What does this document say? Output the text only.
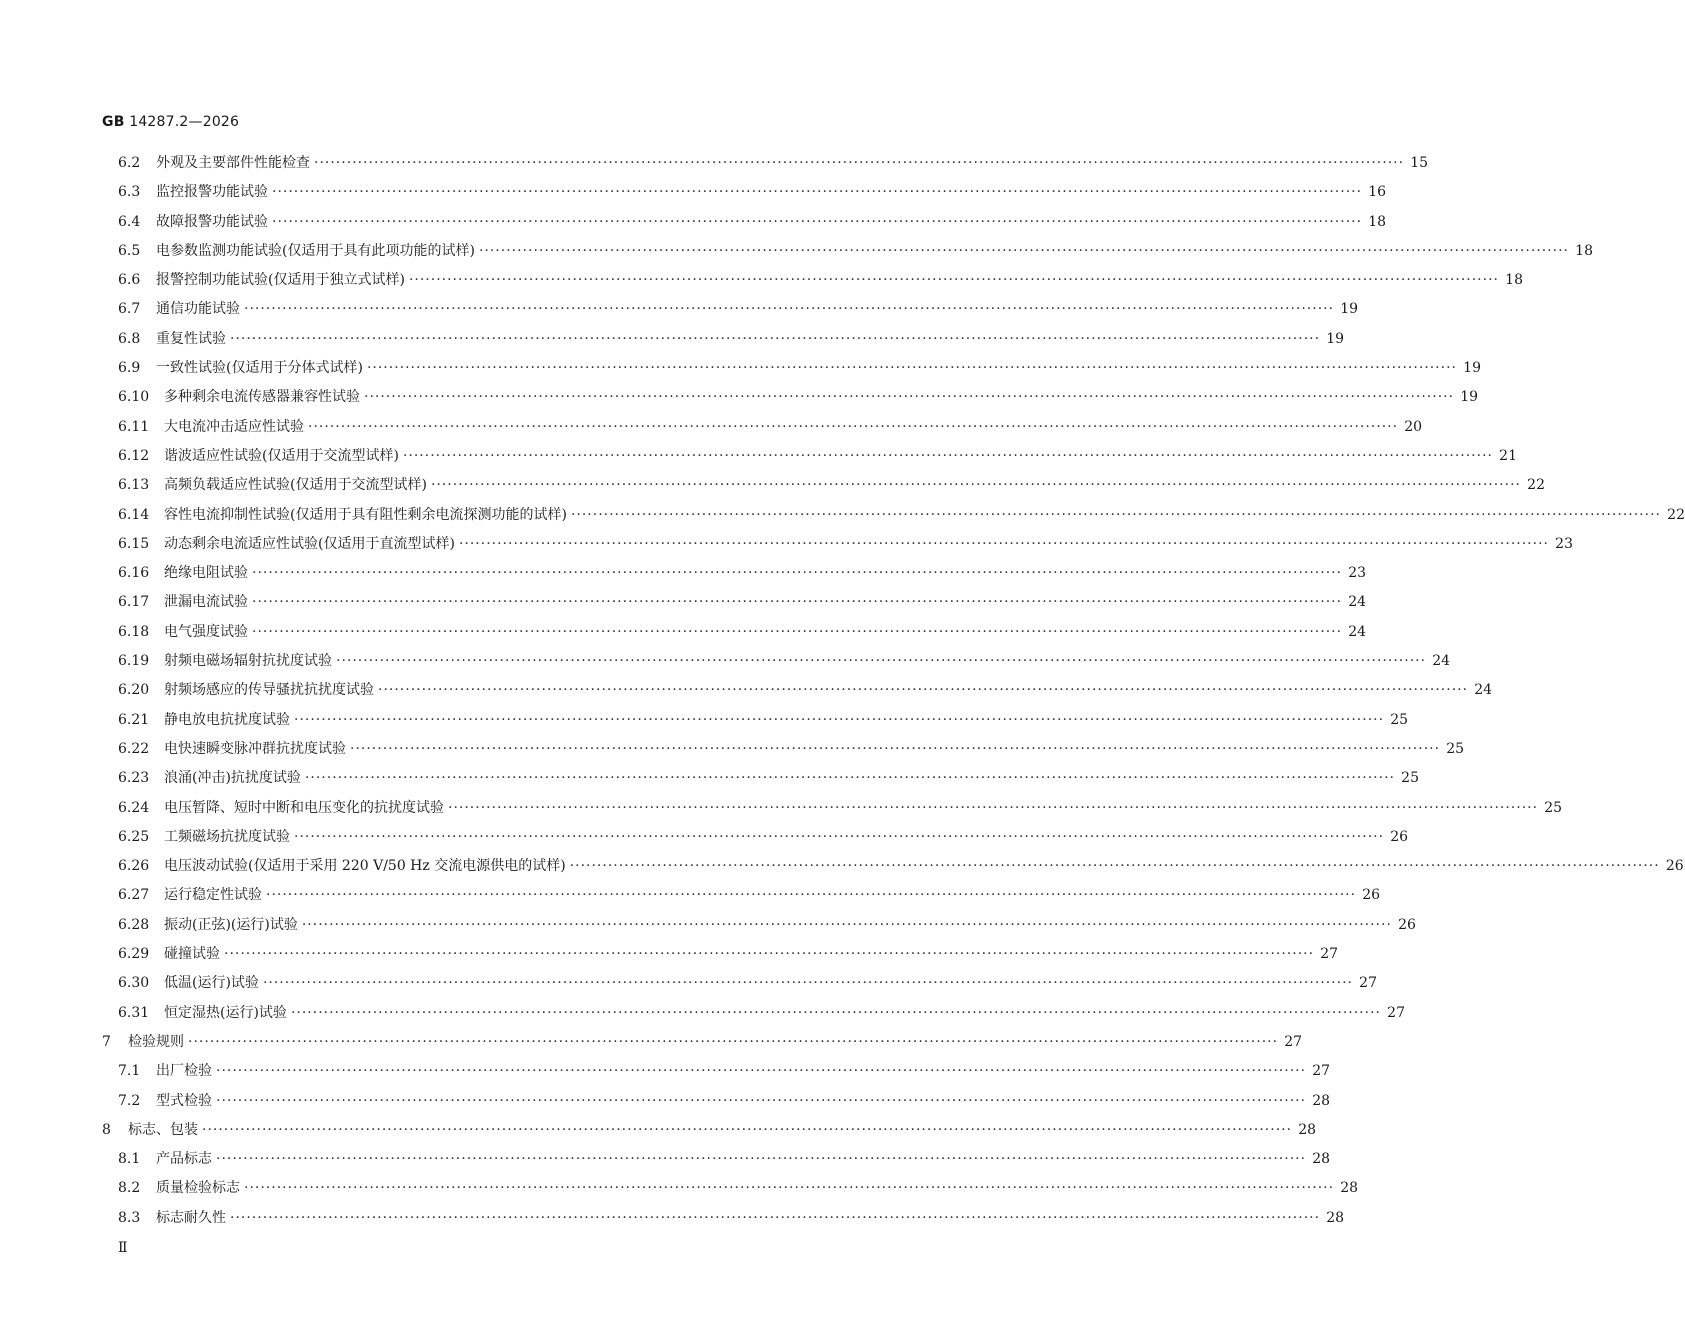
GB 14287.2—2026
6.2	外观及主要部件性能检查 ········································································································································································································ 15
6.3	监控报警功能试验 ········································································································································································································ 16
6.4	故障报警功能试验 ········································································································································································································ 18
6.5	电参数监测功能试验(仅适用于具有此项功能的试样) ········································································································································································································ 18
6.6	报警控制功能试验(仅适用于独立式试样) ········································································································································································································ 18
6.7	通信功能试验 ········································································································································································································ 19
6.8	重复性试验 ········································································································································································································ 19
6.9	一致性试验(仅适用于分体式试样) ········································································································································································································ 19
6.10	多种剩余电流传感器兼容性试验 ········································································································································································································ 19
6.11	大电流冲击适应性试验 ········································································································································································································ 20
6.12	谐波适应性试验(仅适用于交流型试样) ········································································································································································································ 21
6.13	高频负载适应性试验(仅适用于交流型试样) ········································································································································································································ 22
6.14	容性电流抑制性试验(仅适用于具有阻性剩余电流探测功能的试样) ········································································································································································································ 22
6.15	动态剩余电流适应性试验(仅适用于直流型试样) ········································································································································································································ 23
6.16	绝缘电阻试验 ········································································································································································································ 23
6.17	泄漏电流试验 ········································································································································································································ 24
6.18	电气强度试验 ········································································································································································································ 24
6.19	射频电磁场辐射抗扰度试验 ········································································································································································································ 24
6.20	射频场感应的传导骚扰抗扰度试验 ········································································································································································································ 24
6.21	静电放电抗扰度试验 ········································································································································································································ 25
6.22	电快速瞬变脉冲群抗扰度试验 ········································································································································································································ 25
6.23	浪涌(冲击)抗扰度试验 ········································································································································································································ 25
6.24	电压暂降、短时中断和电压变化的抗扰度试验 ········································································································································································································ 25
6.25	工频磁场抗扰度试验 ········································································································································································································ 26
6.26	电压波动试验(仅适用于采用 220 V/50 Hz 交流电源供电的试样) ········································································································································································································ 26
6.27	运行稳定性试验 ········································································································································································································ 26
6.28	振动(正弦)(运行)试验 ········································································································································································································ 26
6.29	碰撞试验 ········································································································································································································ 27
6.30	低温(运行)试验 ········································································································································································································ 27
6.31	恒定湿热(运行)试验 ········································································································································································································ 27
7	检验规则 ········································································································································································································ 27
7.1	出厂检验 ········································································································································································································ 27
7.2	型式检验 ········································································································································································································ 28
8	标志、包装 ········································································································································································································ 28
8.1	产品标志 ········································································································································································································ 28
8.2	质量检验标志 ········································································································································································································ 28
8.3	标志耐久性 ········································································································································································································ 28
Ⅱ
